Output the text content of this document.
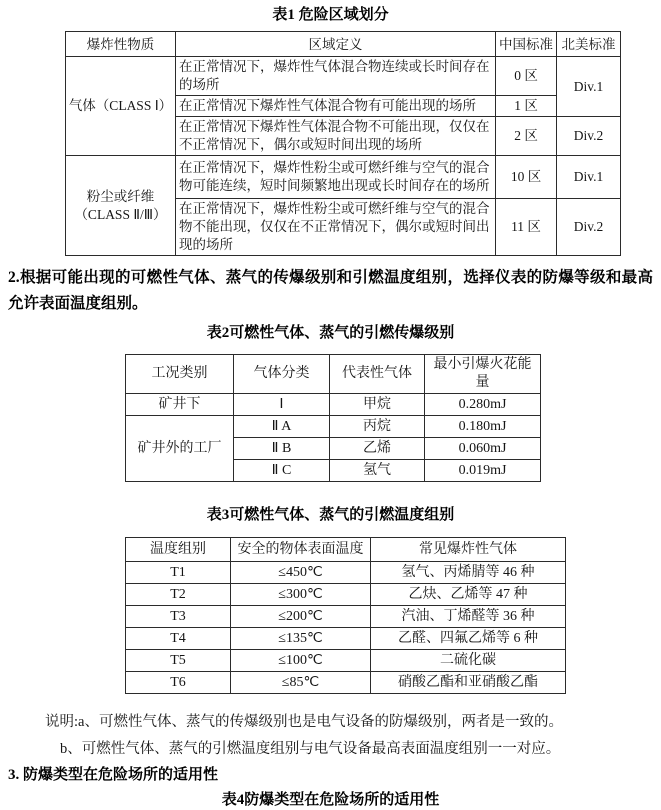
表1 危险区域划分
爆炸性物质	区域定义	中国标准	北美标准
气体（CLASS Ⅰ）	在正常情况下，爆炸性气体混合物连续或长时间存在的场所	0 区	Div.1
	在正常情况下爆炸性气体混合物有可能出现的场所	1 区	
	在正常情况下爆炸性气体混合物不可能出现，仅仅在不正常情况下，偶尔或短时间出现的场所	2 区	Div.2
粉尘或纤维 （CLASS Ⅱ/Ⅲ）	在正常情况下，爆炸性粉尘或可燃纤维与空气的混合物可能连续，短时间频繁地出现或长时间存在的场所	10 区	Div.1
	在正常情况下，爆炸性粉尘或可燃纤维与空气的混合物不能出现，仅仅在不正常情况下，偶尔或短时间出现的场所	11 区	Div.2

2.根据可能出现的可燃性气体、蒸气的传爆级别和引燃温度组别，选择仪表的防爆等级和最高允许表面温度组别。

表2可燃性气体、蒸气的引燃传爆级别
工况类别	气体分类	代表性气体	最小引爆火花能量
矿井下	Ⅰ	甲烷	0.280mJ
矿井外的工厂	Ⅱ A	丙烷	0.180mJ
	Ⅱ B	乙烯	0.060mJ
	Ⅱ C	氢气	0.019mJ
表3可燃性气体、蒸气的引燃温度组别
温度组别	安全的物体表面温度	常见爆炸性气体
T1	≤450℃	氢气、丙烯腈等 46 种
T2	≤300℃	乙炔、乙烯等 47 种
T3	≤200℃	汽油、丁烯醛等 36 种
T4	≤135℃	乙醛、四氟乙烯等 6 种
T5	≤100℃	二硫化碳
T6	≤85℃	硝酸乙酯和亚硝酸乙酯

说明:a、可燃性气体、蒸气的传爆级别也是电气设备的防爆级别，两者是一致的。

b、可燃性气体、蒸气的引燃温度组别与电气设备最高表面温度组别一一对应。

3. 防爆类型在危险场所的适用性

表4防爆类型在危险场所的适用性
